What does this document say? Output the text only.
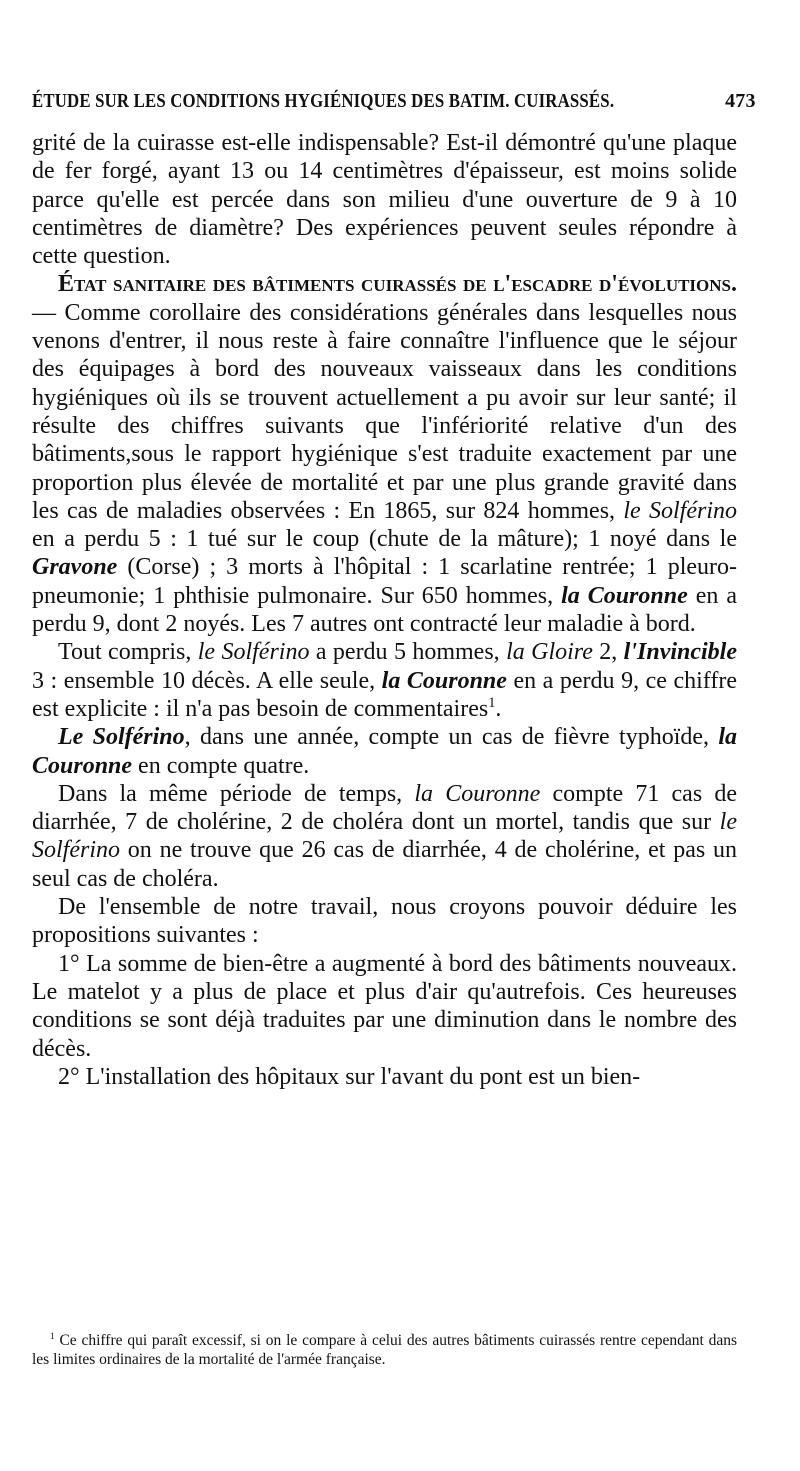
ÉTUDE SUR LES CONDITIONS HYGIÉNIQUES DES BATIM. CUIRASSÉS.	473

grité de la cuirasse est-elle indispensable? Est-il démontré qu'une plaque de fer forgé, ayant 13 ou 14 centimètres d'épaisseur, est moins solide parce qu'elle est percée dans son milieu d'une ouverture de 9 à 10 centimètres de diamètre? Des expériences peuvent seules répondre à cette question.

État sanitaire des bâtiments cuirassés de l'escadre d'évolutions. — Comme corollaire des considérations générales dans lesquelles nous venons d'entrer, il nous reste à faire connaître l'influence que le séjour des équipages à bord des nouveaux vaisseaux dans les conditions hygiéniques où ils se trouvent actuellement a pu avoir sur leur santé; il résulte des chiffres suivants que l'infériorité relative d'un des bâtiments,sous le rapport hygiénique s'est traduite exactement par une proportion plus élevée de mortalité et par une plus grande gravité dans les cas de maladies observées : En 1865, sur 824 hommes, le Solférino en a perdu 5 : 1 tué sur le coup (chute de la mâture); 1 noyé dans le Gravone (Corse) ; 3 morts à l'hôpital : 1 scarlatine rentrée; 1 pleuro-pneumonie; 1 phthisie pulmonaire. Sur 650 hommes, la Couronne en a perdu 9, dont 2 noyés. Les 7 autres ont contracté leur maladie à bord.

Tout compris, le Solférino a perdu 5 hommes, la Gloire 2, l'Invincible 3 : ensemble 10 décès. A elle seule, la Couronne en a perdu 9, ce chiffre est explicite : il n'a pas besoin de commentaires$^1$.

Le Solférino, dans une année, compte un cas de fièvre typhoïde, la Couronne en compte quatre.

Dans la même période de temps, la Couronne compte 71 cas de diarrhée, 7 de cholérine, 2 de choléra dont un mortel, tandis que sur le Solférino on ne trouve que 26 cas de diarrhée, 4 de cholérine, et pas un seul cas de choléra.

De l'ensemble de notre travail, nous croyons pouvoir déduire les propositions suivantes :

1° La somme de bien-être a augmenté à bord des bâtiments nouveaux. Le matelot y a plus de place et plus d'air qu'autrefois. Ces heureuses conditions se sont déjà traduites par une diminution dans le nombre des décès.

2° L'installation des hôpitaux sur l'avant du pont est un bien-

$^1$ Ce chiffre qui paraît excessif, si on le compare à celui des autres bâtiments cuirassés rentre cependant dans les limites ordinaires de la mortalité de l'armée française.
